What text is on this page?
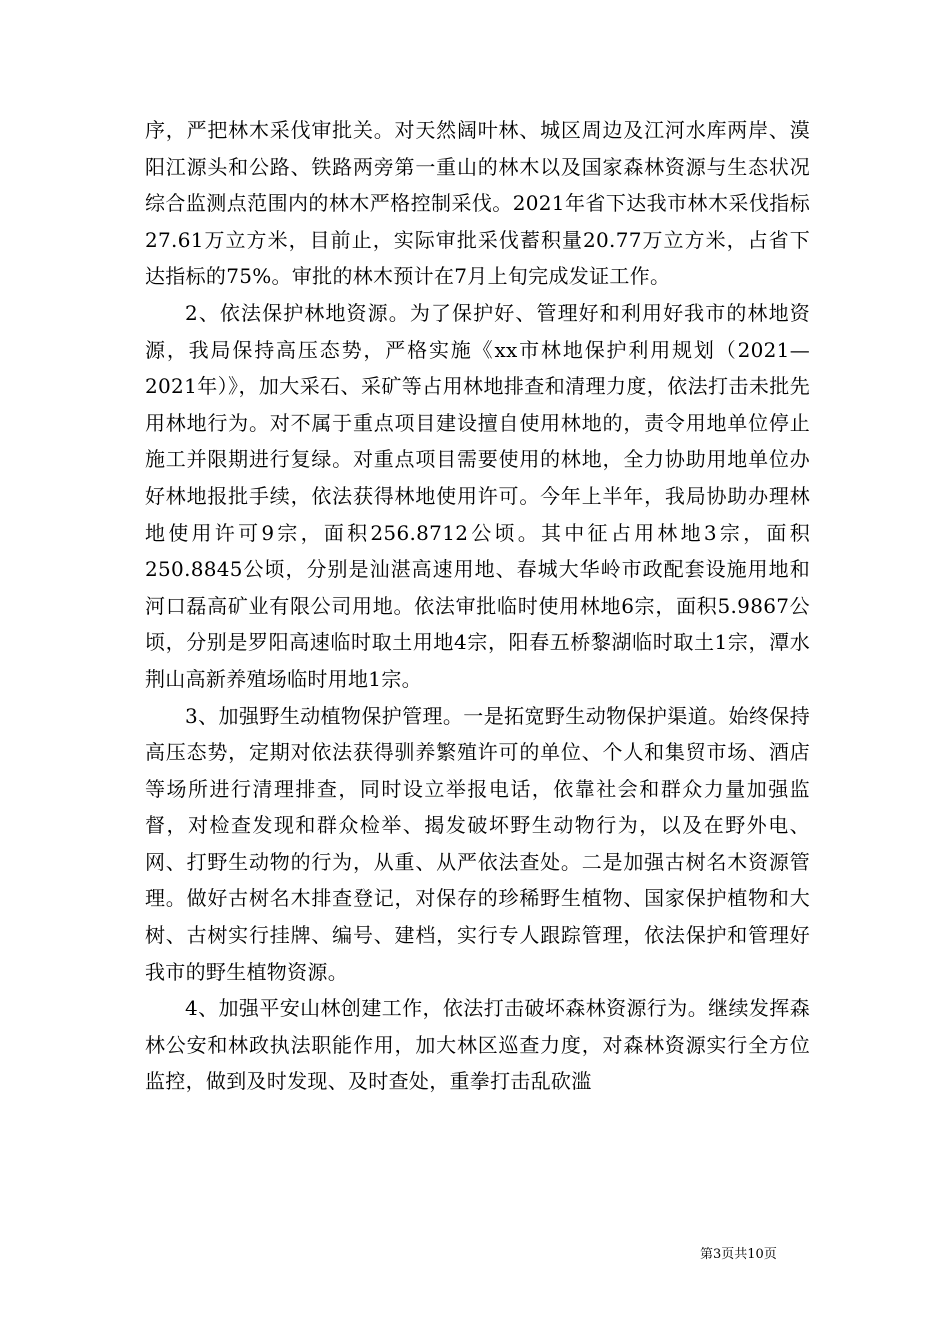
序，严把林木采伐审批关。对天然阔叶林、城区周边及江河水库两岸、漠阳江源头和公路、铁路两旁第一重山的林木以及国家森林资源与生态状况综合监测点范围内的林木严格控制采伐。2021年省下达我市林木采伐指标27.61万立方米，目前止，实际审批采伐蓄积量20.77万立方米，占省下达指标的75%。审批的林木预计在7月上旬完成发证工作。

2、依法保护林地资源。为了保护好、管理好和利用好我市的林地资源，我局保持高压态势，严格实施《xx市林地保护利用规划（2021—2021年）》，加大采石、采矿等占用林地排查和清理力度，依法打击未批先用林地行为。对不属于重点项目建设擅自使用林地的，责令用地单位停止施工并限期进行复绿。对重点项目需要使用的林地，全力协助用地单位办好林地报批手续，依法获得林地使用许可。今年上半年，我局协助办理林地使用许可9宗，面积256.8712公顷。其中征占用林地3宗，面积250.8845公顷，分别是汕湛高速用地、春城大华岭市政配套设施用地和河口磊高矿业有限公司用地。依法审批临时使用林地6宗，面积5.9867公顷，分别是罗阳高速临时取土用地4宗，阳春五桥黎湖临时取土1宗，潭水荆山高新养殖场临时用地1宗。

3、加强野生动植物保护管理。一是拓宽野生动物保护渠道。始终保持高压态势，定期对依法获得驯养繁殖许可的单位、个人和集贸市场、酒店等场所进行清理排查，同时设立举报电话，依靠社会和群众力量加强监督，对检查发现和群众检举、揭发破坏野生动物行为，以及在野外电、网、打野生动物的行为，从重、从严依法查处。二是加强古树名木资源管理。做好古树名木排查登记，对保存的珍稀野生植物、国家保护植物和大树、古树实行挂牌、编号、建档，实行专人跟踪管理，依法保护和管理好我市的野生植物资源。

4、加强平安山林创建工作，依法打击破坏森林资源行为。继续发挥森林公安和林政执法职能作用，加大林区巡查力度，对森林资源实行全方位监控，做到及时发现、及时查处，重拳打击乱砍滥

第3页共10页
